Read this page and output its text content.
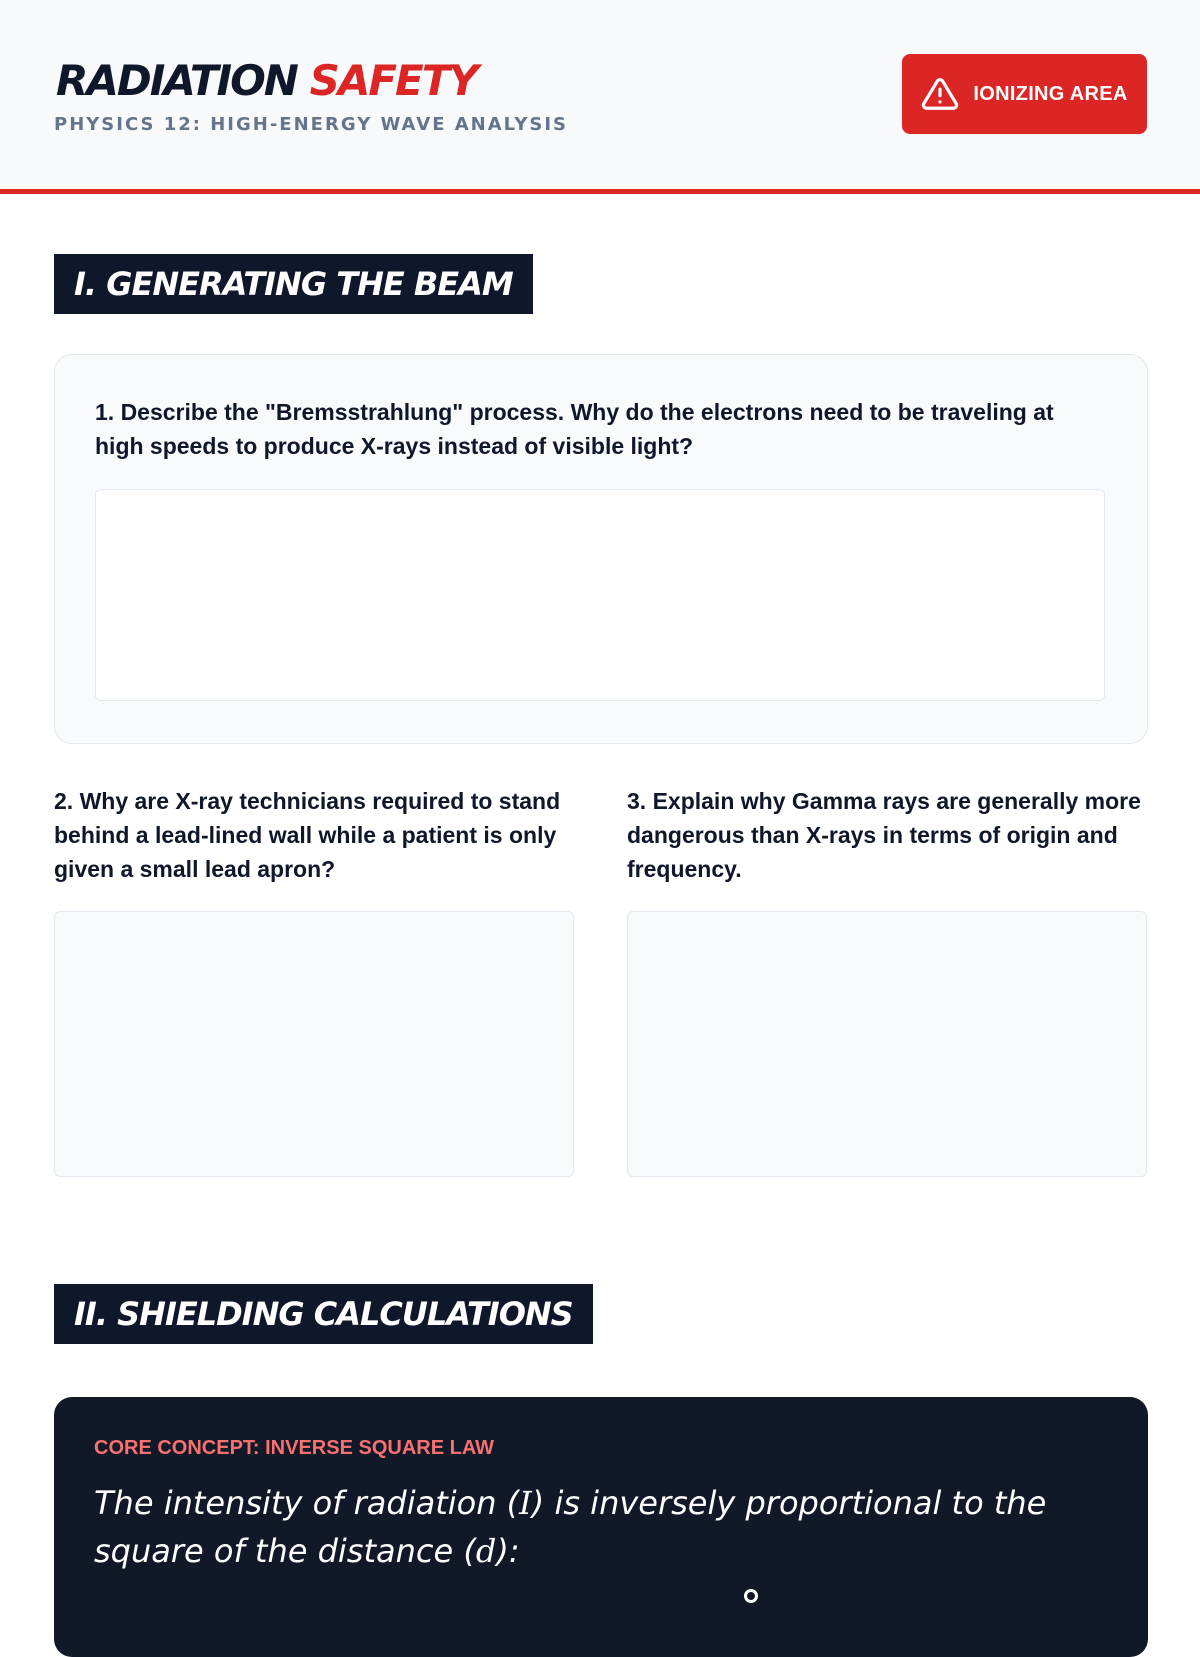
RADIATION SAFETY
PHYSICS 12: HIGH-ENERGY WAVE ANALYSIS
IONIZING AREA
I. GENERATING THE BEAM
1. Describe the "Bremsstrahlung" process. Why do the electrons need to be traveling at high speeds to produce X-rays instead of visible light?
2. Why are X-ray technicians required to stand behind a lead-lined wall while a patient is only given a small lead apron?
3. Explain why Gamma rays are generally more dangerous than X-rays in terms of origin and frequency.
II. SHIELDING CALCULATIONS
CORE CONCEPT: INVERSE SQUARE LAW
The intensity of radiation (I) is inversely proportional to the square of the distance (d):
